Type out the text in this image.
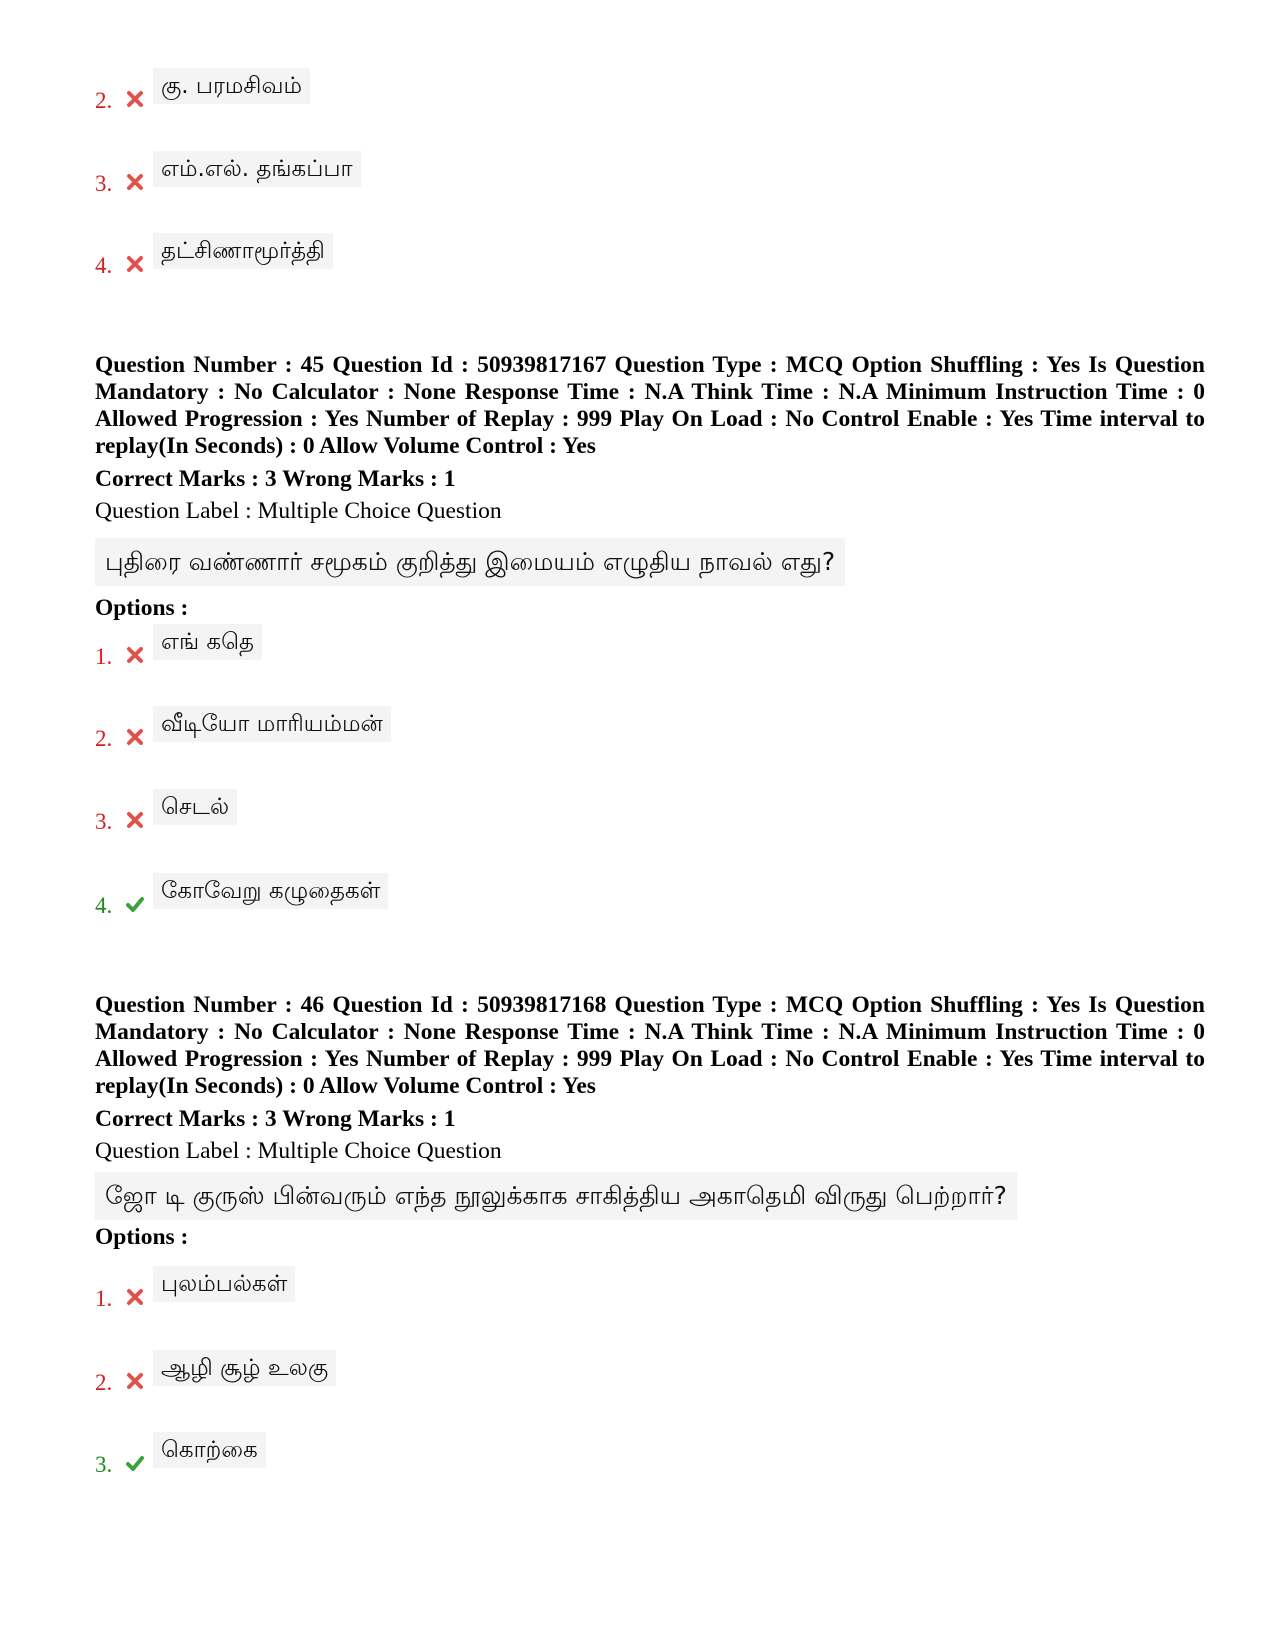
2.
கு. பரமசிவம்
3.
எம்.எல். தங்கப்பா
4.
தட்சிணாமூர்த்தி
Question Number : 45 Question Id : 50939817167 Question Type : MCQ Option Shuffling : Yes Is Question Mandatory : No Calculator : None Response Time : N.A Think Time : N.A Minimum Instruction Time : 0 Allowed Progression : Yes Number of Replay : 999 Play On Load : No Control Enable : Yes Time interval to replay(In Seconds) : 0 Allow Volume Control : Yes
Correct Marks : 3 Wrong Marks : 1
Question Label : Multiple Choice Question
புதிரை வண்ணார் சமூகம் குறித்து இமையம் எழுதிய நாவல் எது?
Options :
1.
எங் கதெ
2.
வீடியோ மாரியம்மன்
3.
செடல்
4.
கோவேறு கழுதைகள்
Question Number : 46 Question Id : 50939817168 Question Type : MCQ Option Shuffling : Yes Is Question Mandatory : No Calculator : None Response Time : N.A Think Time : N.A Minimum Instruction Time : 0 Allowed Progression : Yes Number of Replay : 999 Play On Load : No Control Enable : Yes Time interval to replay(In Seconds) : 0 Allow Volume Control : Yes
Correct Marks : 3 Wrong Marks : 1
Question Label : Multiple Choice Question
ஜோ டி குருஸ் பின்வரும் எந்த நூலுக்காக சாகித்திய அகாதெமி விருது பெற்றார்?
Options :
1.
புலம்பல்கள்
2.
ஆழி சூழ் உலகு
3.
கொற்கை
